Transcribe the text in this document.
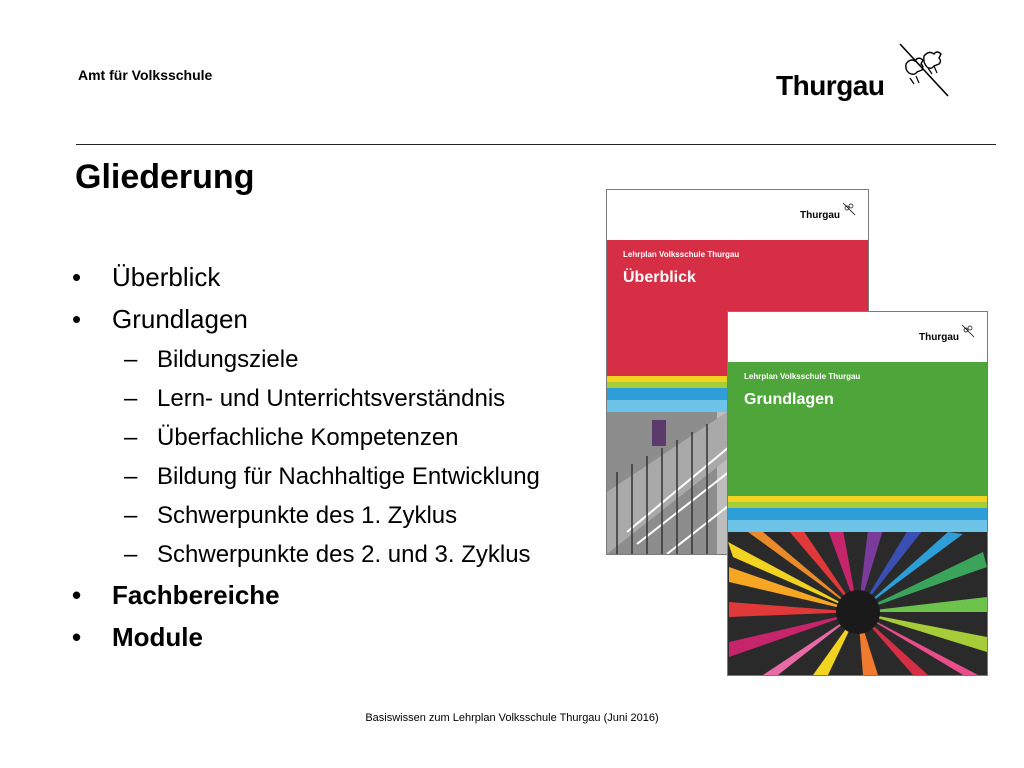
Amt für Volksschule	Thurgau
Gliederung
• Überblick
• Grundlagen
– Bildungsziele
– Lern- und Unterrichtsverständnis
– Überfachliche Kompetenzen
– Bildung für Nachhaltige Entwicklung
– Schwerpunkte des 1. Zyklus
– Schwerpunkte des 2. und 3. Zyklus
• Fachbereiche
• Module
Thurgau
Lehrplan Volksschule Thurgau
Überblick
Thurgau
Lehrplan Volksschule Thurgau
Grundlagen
Basiswissen zum Lehrplan Volksschule Thurgau (Juni 2016)
